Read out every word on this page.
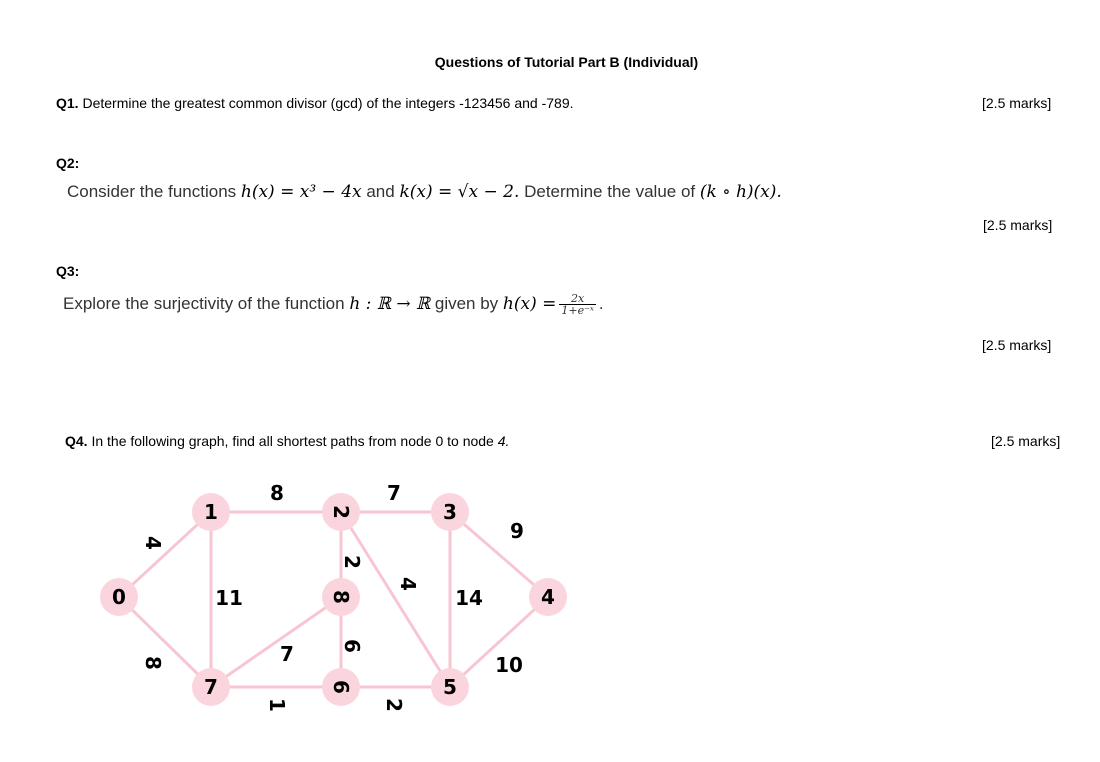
Questions of Tutorial Part B (Individual)
Q1. Determine the greatest common divisor (gcd) of the integers -123456 and -789.	[2.5 marks]
Q2:
Consider the functions h(x) = x³ − 4x and k(x) = √x − 2. Determine the value of (k ∘ h)(x).
[2.5 marks]
Q3:
Explore the surjectivity of the function h : ℝ → ℝ given by $h(x) = \frac{2x}{\text{1+e⁻ˣ}}$ .
[2.5 marks]
Q4. In the following graph, find all shortest paths from node 0 to node 4.	[2.5 marks]
0
1	2	3
4
5
6
7
8
4
8
8
11
7
2
4
9
14
10
2
1
6
7
